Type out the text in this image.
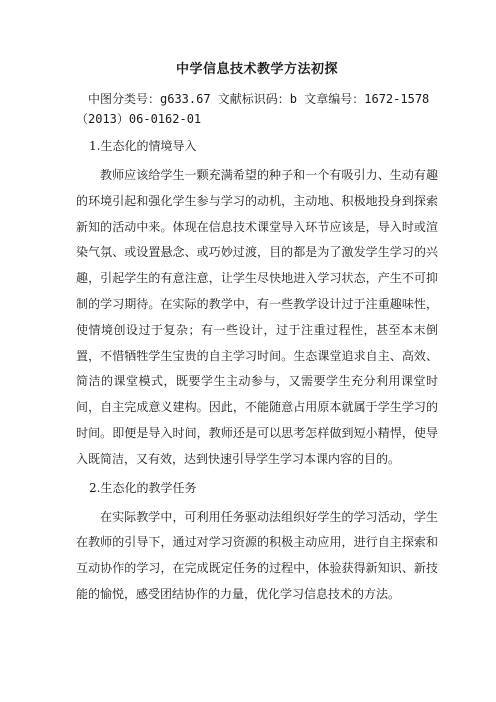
中学信息技术教学方法初探

中图分类号：g633.67 文献标识码：b 文章编号：1672-1578（2013）06-0162-01

1.生态化的情境导入

教师应该给学生一颗充满希望的种子和一个有吸引力、生动有趣的环境引起和强化学生参与学习的动机，主动地、积极地投身到探索新知的活动中来。体现在信息技术课堂导入环节应该是，导入时或渲染气氛、或设置悬念、或巧妙过渡，目的都是为了激发学生学习的兴趣，引起学生的有意注意，让学生尽快地进入学习状态，产生不可抑制的学习期待。在实际的教学中，有一些教学设计过于注重趣味性，使情境创设过于复杂；有一些设计，过于注重过程性，甚至本末倒置，不惜牺牲学生宝贵的自主学习时间。生态课堂追求自主、高效、简洁的课堂模式，既要学生主动参与，又需要学生充分利用课堂时间，自主完成意义建构。因此，不能随意占用原本就属于学生学习的时间。即便是导入时间，教师还是可以思考怎样做到短小精悍，使导入既简洁，又有效，达到快速引导学生学习本课内容的目的。

2.生态化的教学任务

在实际教学中，可利用任务驱动法组织好学生的学习活动，学生在教师的引导下，通过对学习资源的积极主动应用，进行自主探索和互动协作的学习，在完成既定任务的过程中，体验获得新知识、新技能的愉悦，感受团结协作的力量，优化学习信息技术的方法。
